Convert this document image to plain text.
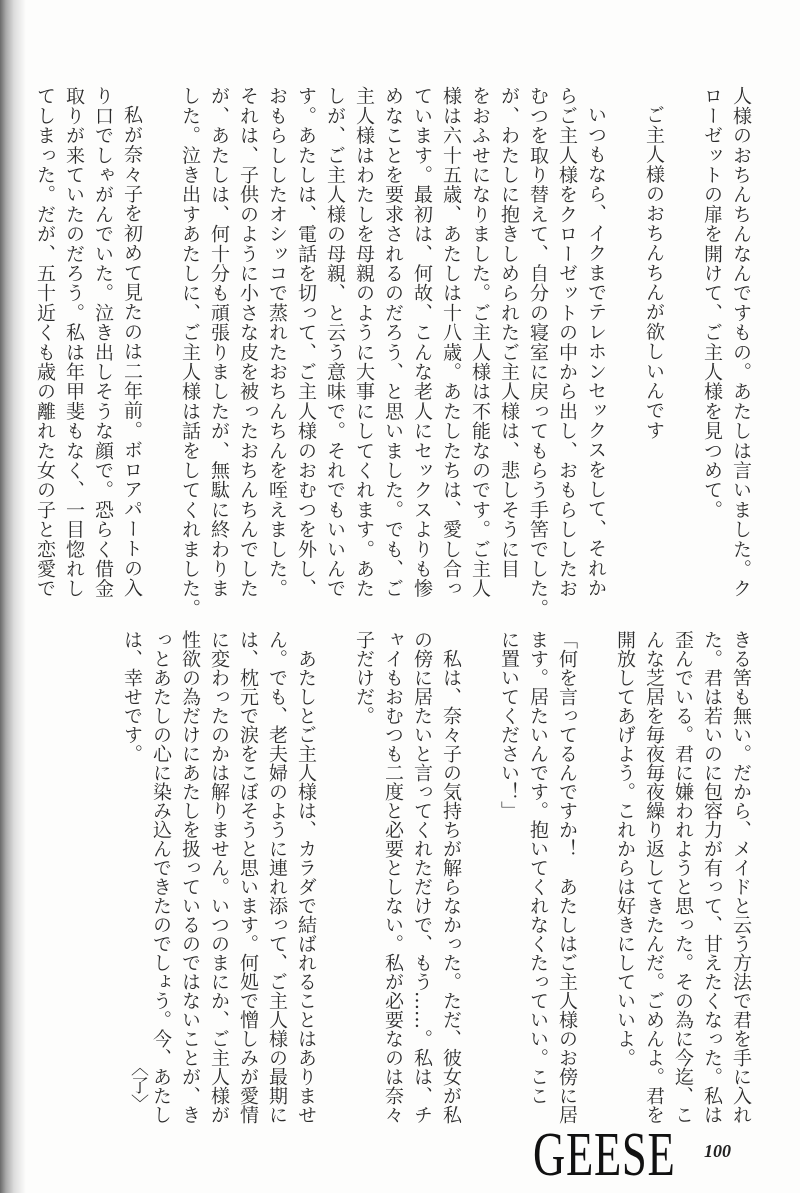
人様のおちんちんなんですもの。あたしは言いました。ク
ローゼットの扉を開けて、ご主人様を見つめて。
ご主人様のおちんちんが欲しいんです
いつもなら、イクまでテレホンセックスをして、それか
らご主人様をクローゼットの中から出し、おもらししたお
むつを取り替えて、自分の寝室に戻ってもらう手筈でした。
が、わたしに抱きしめられたご主人様は、悲しそうに目
をおふせになりました。ご主人様は不能なのです。ご主人
様は六十五歳、あたしは十八歳。あたしたちは、愛し合っ
ています。最初は、何故、こんな老人にセックスよりも惨
めなことを要求されるのだろう、と思いました。でも、ご
主人様はわたしを母親のように大事にしてくれます。あた
しが、ご主人様の母親、と云う意味で。それでもいいんで
す。あたしは、電話を切って、ご主人様のおむつを外し、
おもらししたオシッコで蒸れたおちんちんを咥えました。
それは、子供のように小さな皮を被ったおちんちんでした
が、あたしは、何十分も頑張りましたが、無駄に終わりま
した。泣き出すあたしに、ご主人様は話をしてくれました。
私が奈々子を初めて見たのは二年前。ボロアパートの入
り口でしゃがんでいた。泣き出しそうな顔で。恐らく借金
取りが来ていたのだろう。私は年甲斐もなく、一目惚れし
てしまった。だが、五十近くも歳の離れた女の子と恋愛で
きる筈も無い。だから、メイドと云う方法で君を手に入れ
た。君は若いのに包容力が有って、甘えたくなった。私は
歪んでいる。君に嫌われようと思った。その為に今迄、こ
んな芝居を毎夜毎夜繰り返してきたんだ。ごめんよ。君を
開放してあげよう。これからは好きにしていいよ。
「何を言ってるんですか！　あたしはご主人様のお傍に居
ます。居たいんです。抱いてくれなくたっていい。ここ
に置いてください！」
私は、奈々子の気持ちが解らなかった。ただ、彼女が私
の傍に居たいと言ってくれただけで、もう……。私は、チ
ャイもおむつも二度と必要としない。私が必要なのは奈々
子だけだ。
あたしとご主人様は、カラダで結ばれることはありませ
ん。でも、老夫婦のように連れ添って、ご主人様の最期に
は、枕元で涙をこぼそうと思います。何処で憎しみが愛情
に変わったのかは解りません。いつのまにか、ご主人様が
性欲の為だけにあたしを扱っているのではないことが、き
っとあたしの心に染み込んできたのでしょう。今、あたし
は、幸せです。
〈了〉
GEESE 100
